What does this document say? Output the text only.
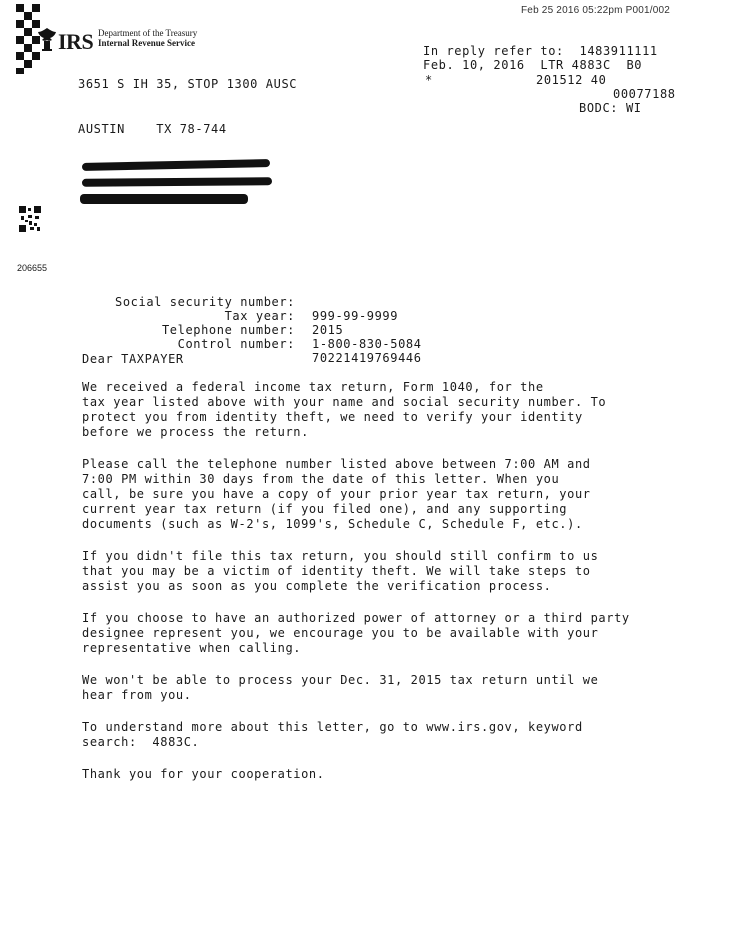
Feb 25 2016 05:22pm P001/002
IRS Department of the Treasury
Internal Revenue Service

3651 S IH 35, STOP 1300 AUSC

AUSTIN    TX 78-744

In reply refer to:  1483911111

Feb. 10, 2016  LTR 4883C  B0

*

	201512 40

00077188

BODC: WI

206655

Social security number:

999-99-9999

Tax year:

2015

Telephone number:

1-800-830-5084

Control number:

70221419769446

Dear TAXPAYER

We received a federal income tax return, Form 1040, for the
tax year listed above with your name and social security number. To
protect you from identity theft, we need to verify your identity
before we process the return.

Please call the telephone number listed above between 7:00 AM and
7:00 PM within 30 days from the date of this letter. When you
call, be sure you have a copy of your prior year tax return, your
current year tax return (if you filed one), and any supporting
documents (such as W-2's, 1099's, Schedule C, Schedule F, etc.).

If you didn't file this tax return, you should still confirm to us
that you may be a victim of identity theft. We will take steps to
assist you as soon as you complete the verification process.

If you choose to have an authorized power of attorney or a third party
designee represent you, we encourage you to be available with your
representative when calling.

We won't be able to process your Dec. 31, 2015 tax return until we
hear from you.

To understand more about this letter, go to www.irs.gov, keyword
search:  4883C.

Thank you for your cooperation.
